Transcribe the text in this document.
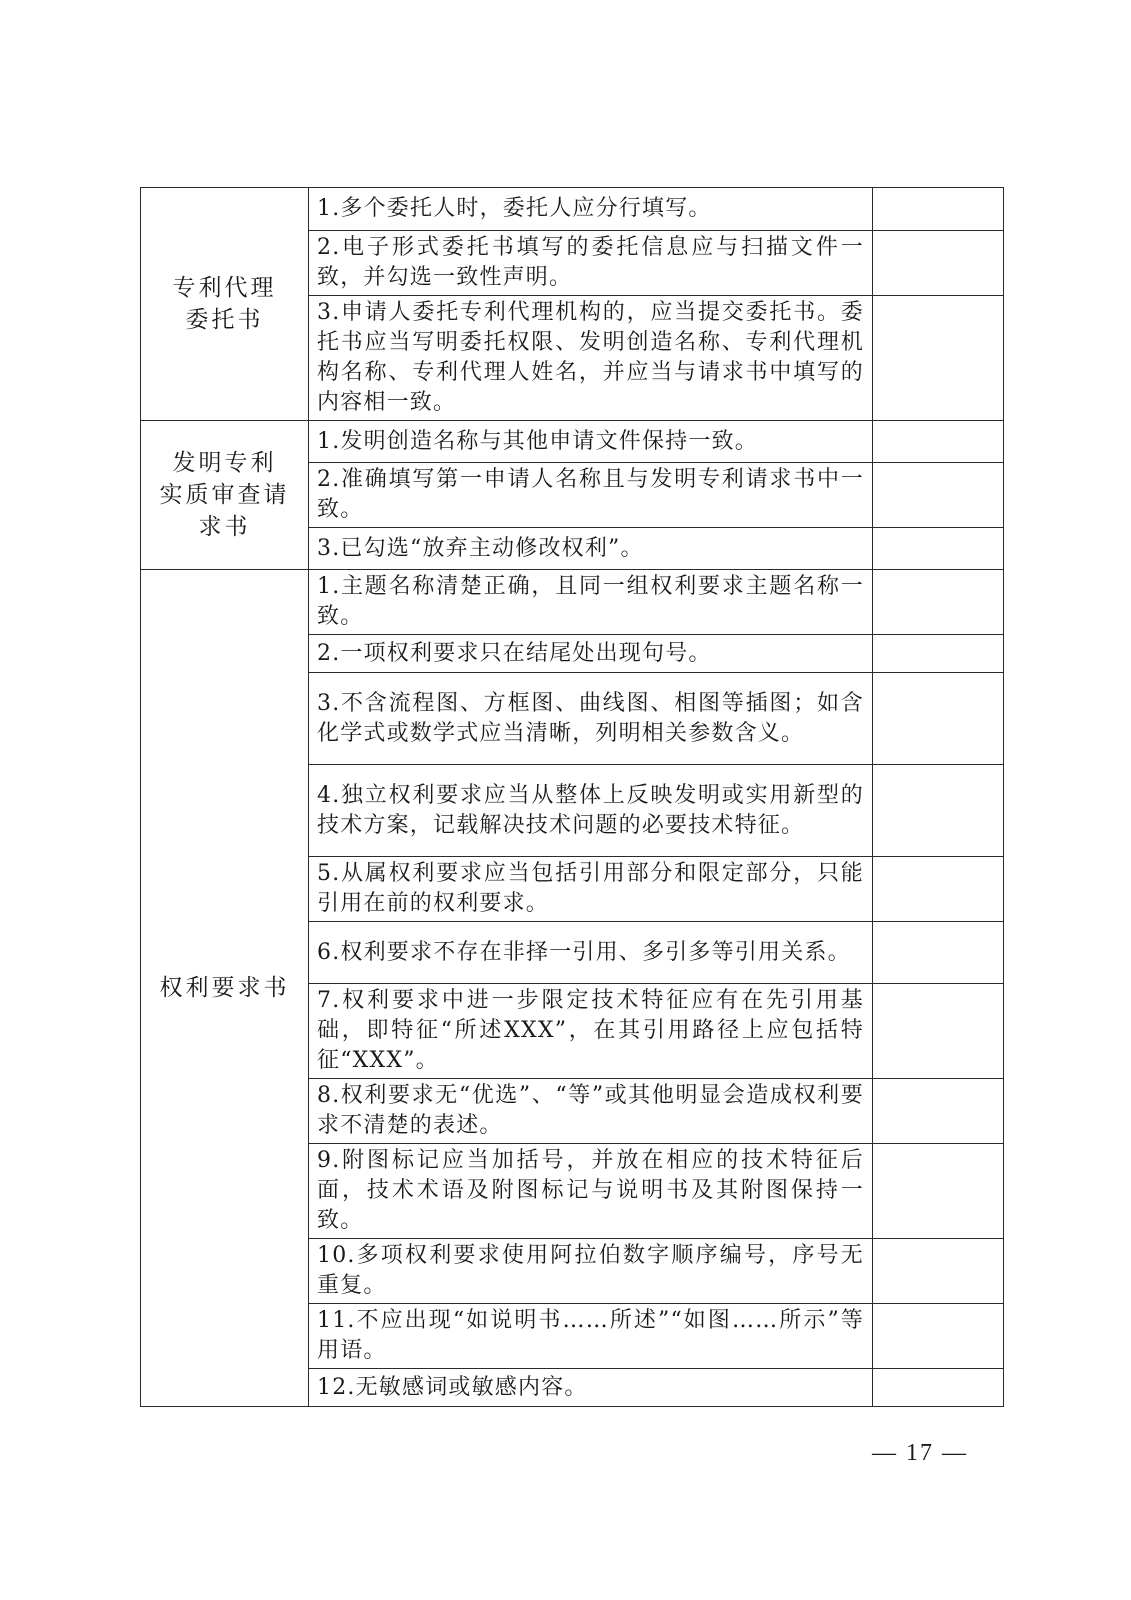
专利代理
委托书	1.多个委托人时，委托人应分行填写。	
	2.电子形式委托书填写的委托信息应与扫描文件一致，并勾选一致性声明。	
	3.申请人委托专利代理机构的，应当提交委托书。委托书应当写明委托权限、发明创造名称、专利代理机构名称、专利代理人姓名，并应当与请求书中填写的内容相一致。	
发明专利
实质审查请
求书	1.发明创造名称与其他申请文件保持一致。	
	2.准确填写第一申请人名称且与发明专利请求书中一致。	
	3.已勾选“放弃主动修改权利”。	
权利要求书	1.主题名称清楚正确，且同一组权利要求主题名称一致。	
	2.一项权利要求只在结尾处出现句号。	
	3.不含流程图、方框图、曲线图、相图等插图；如含化学式或数学式应当清晰，列明相关参数含义。	
	4.独立权利要求应当从整体上反映发明或实用新型的技术方案，记载解决技术问题的必要技术特征。	
	5.从属权利要求应当包括引用部分和限定部分，只能引用在前的权利要求。	
	6.权利要求不存在非择一引用、多引多等引用关系。	
	7.权利要求中进一步限定技术特征应有在先引用基础，即特征“所述XXX”，在其引用路径上应包括特征“XXX”。	
	8.权利要求无“优选”、“等”或其他明显会造成权利要求不清楚的表述。	
	9.附图标记应当加括号，并放在相应的技术特征后面，技术术语及附图标记与说明书及其附图保持一致。	
	10.多项权利要求使用阿拉伯数字顺序编号，序号无重复。	
	11.不应出现“如说明书……所述”“如图……所示”等用语。	
	12.无敏感词或敏感内容。	
— 17 —
